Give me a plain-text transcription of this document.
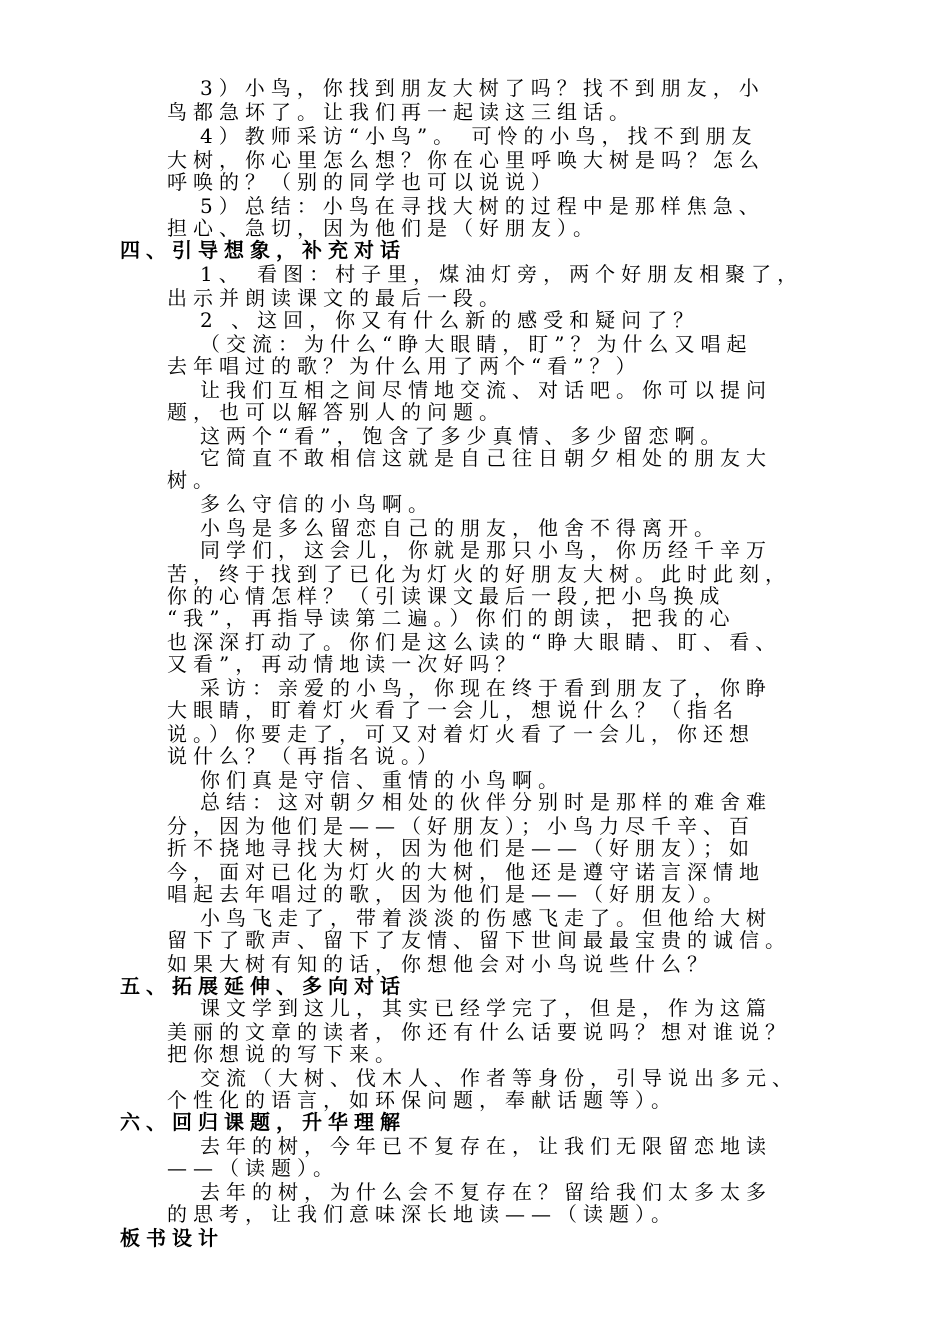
3）小鸟，你找到朋友大树了吗？找不到朋友，小
鸟都急坏了。让我们再一起读这三组话。
4）教师采访“小鸟”。 可怜的小鸟，找不到朋友
大树，你心里怎么想？你在心里呼唤大树是吗？怎么
呼唤的？（别的同学也可以说说）
5）总结：小鸟在寻找大树的过程中是那样焦急、
担心、急切，因为他们是（好朋友）。
四、引导想象，补充对话
1、 看图：村子里，煤油灯旁，两个好朋友相聚了，
出示并朗读课文的最后一段。
2 、这回，你又有什么新的感受和疑问了？
（交流：为什么“睁大眼睛，盯”？为什么又唱起
去年唱过的歌？为什么用了两个“看”？）
让我们互相之间尽情地交流、对话吧。你可以提问
题，也可以解答别人的问题。
这两个“看”，饱含了多少真情、多少留恋啊。
它简直不敢相信这就是自己往日朝夕相处的朋友大
树。
多么守信的小鸟啊。
小鸟是多么留恋自己的朋友，他舍不得离开。
同学们，这会儿，你就是那只小鸟，你历经千辛万
苦，终于找到了已化为灯火的好朋友大树。此时此刻，
你的心情怎样？（引读课文最后一段,把小鸟换成
“我”，再指导读第二遍。）你们的朗读，把我的心
也深深打动了。你们是这么读的“睁大眼睛、盯、看、
又看”，再动情地读一次好吗？
采访：亲爱的小鸟，你现在终于看到朋友了，你睁
大眼睛，盯着灯火看了一会儿，想说什么？（指名
说。）你要走了，可又对着灯火看了一会儿，你还想
说什么？（再指名说。）
你们真是守信、重情的小鸟啊。
总结：这对朝夕相处的伙伴分别时是那样的难舍难
分，因为他们是——（好朋友）；小鸟力尽千辛、百
折不挠地寻找大树，因为他们是——（好朋友）；如
今，面对已化为灯火的大树，他还是遵守诺言深情地
唱起去年唱过的歌，因为他们是——（好朋友）。
小鸟飞走了，带着淡淡的伤感飞走了。但他给大树
留下了歌声、留下了友情、留下世间最最宝贵的诚信。
如果大树有知的话，你想他会对小鸟说些什么？
五、拓展延伸、多向对话
课文学到这儿，其实已经学完了，但是，作为这篇
美丽的文章的读者，你还有什么话要说吗？想对谁说？
把你想说的写下来。
交流（大树、伐木人、作者等身份，引导说出多元、
个性化的语言，如环保问题，奉献话题等）。
六、回归课题，升华理解
去年的树，今年已不复存在，让我们无限留恋地读
——（读题）。
去年的树，为什么会不复存在？留给我们太多太多
的思考，让我们意味深长地读——（读题）。
板书设计
